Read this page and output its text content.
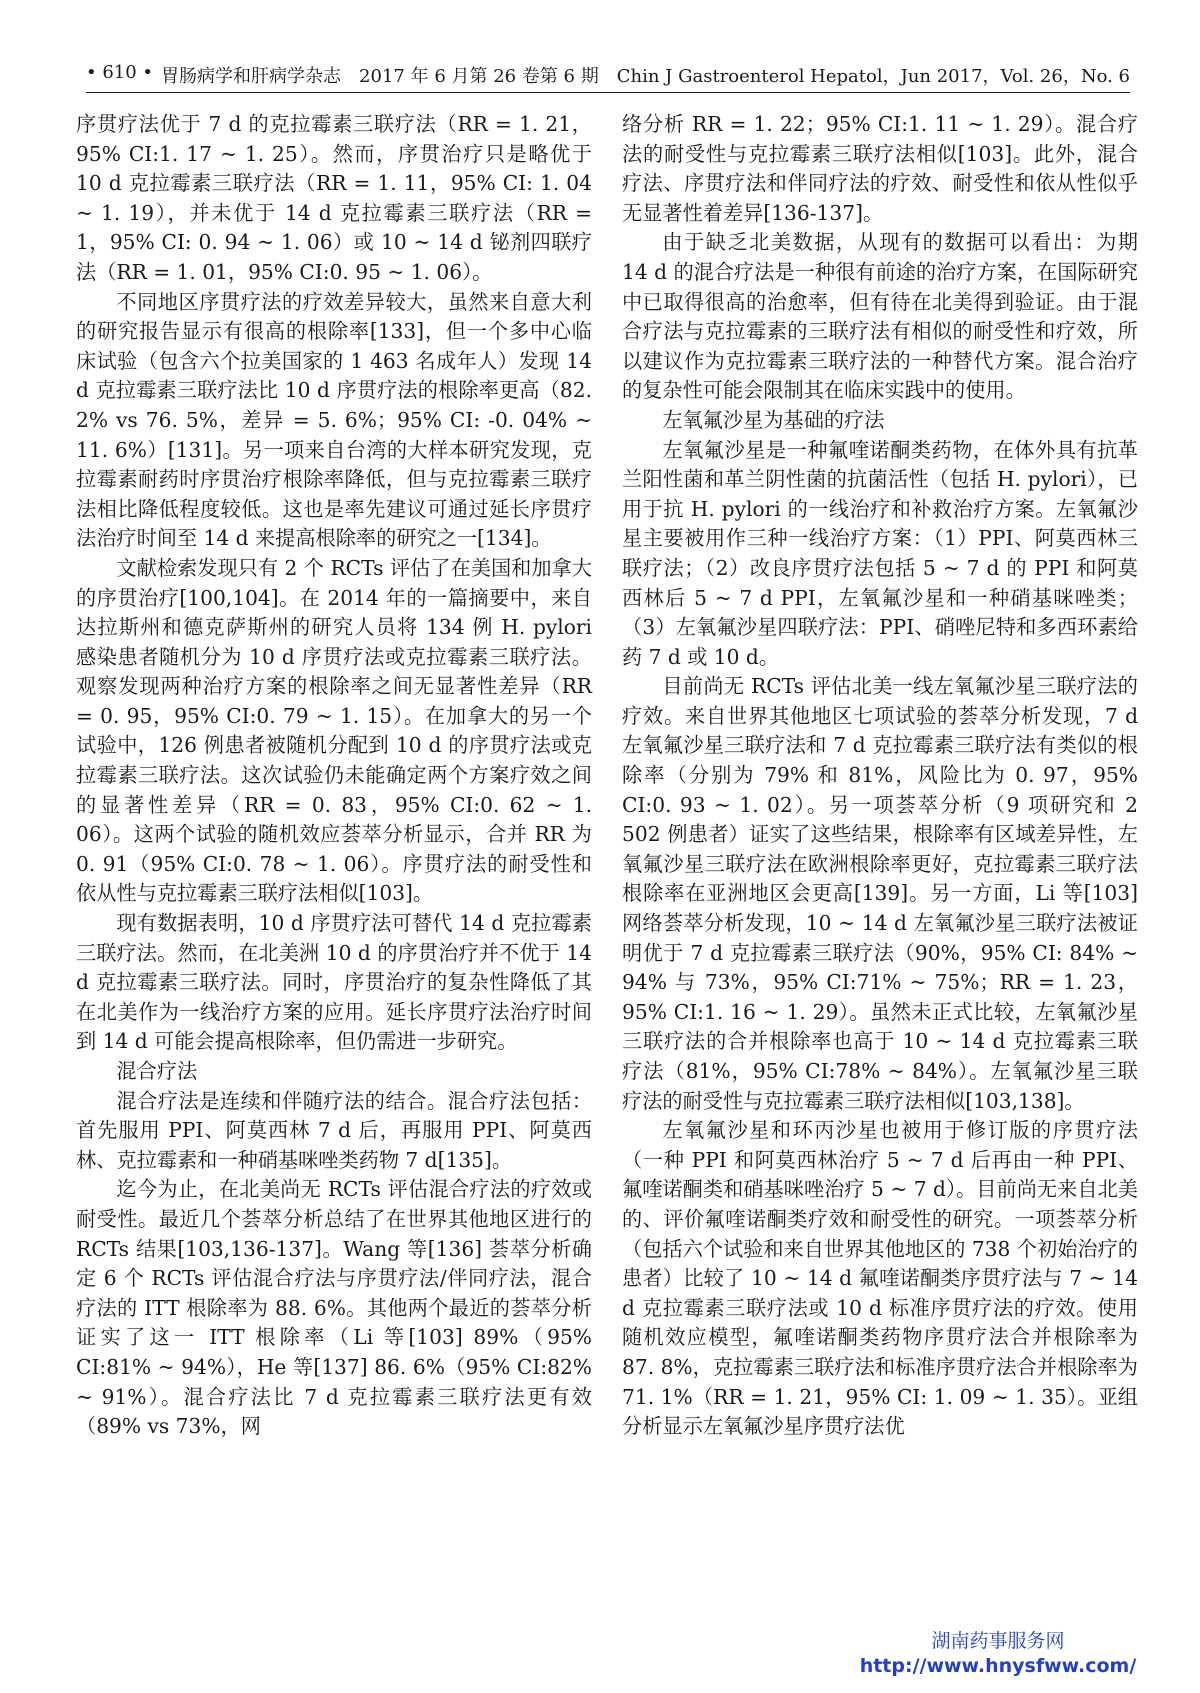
• 610 • 胃肠病学和肝病学杂志　2017 年 6 月第 26 卷第 6 期　Chin J Gastroenterol Hepatol，Jun 2017，Vol. 26，No. 6

序贯疗法优于 7 d 的克拉霉素三联疗法（RR = 1. 21，95% CI:1. 17 ~ 1. 25）。然而，序贯治疗只是略优于 10 d 克拉霉素三联疗法（RR = 1. 11，95% CI: 1. 04 ~ 1. 19），并未优于 14 d 克拉霉素三联疗法（RR = 1，95% CI: 0. 94 ~ 1. 06）或 10 ~ 14 d 铋剂四联疗法（RR = 1. 01，95% CI:0. 95 ~ 1. 06）。

不同地区序贯疗法的疗效差异较大，虽然来自意大利的研究报告显示有很高的根除率[133]，但一个多中心临床试验（包含六个拉美国家的 1 463 名成年人）发现 14 d 克拉霉素三联疗法比 10 d 序贯疗法的根除率更高（82. 2% vs 76. 5%，差异 = 5. 6%；95% CI: -0. 04% ~ 11. 6%）[131]。另一项来自台湾的大样本研究发现，克拉霉素耐药时序贯治疗根除率降低，但与克拉霉素三联疗法相比降低程度较低。这也是率先建议可通过延长序贯疗法治疗时间至 14 d 来提高根除率的研究之一[134]。

文献检索发现只有 2 个 RCTs 评估了在美国和加拿大的序贯治疗[100,104]。在 2014 年的一篇摘要中，来自达拉斯州和德克萨斯州的研究人员将 134 例 H. pylori 感染患者随机分为 10 d 序贯疗法或克拉霉素三联疗法。观察发现两种治疗方案的根除率之间无显著性差异（RR = 0. 95，95% CI:0. 79 ~ 1. 15）。在加拿大的另一个试验中，126 例患者被随机分配到 10 d 的序贯疗法或克拉霉素三联疗法。这次试验仍未能确定两个方案疗效之间的显著性差异（RR = 0. 83，95% CI:0. 62 ~ 1. 06）。这两个试验的随机效应荟萃分析显示，合并 RR 为 0. 91（95% CI:0. 78 ~ 1. 06）。序贯疗法的耐受性和依从性与克拉霉素三联疗法相似[103]。

现有数据表明，10 d 序贯疗法可替代 14 d 克拉霉素三联疗法。然而，在北美洲 10 d 的序贯治疗并不优于 14 d 克拉霉素三联疗法。同时，序贯治疗的复杂性降低了其在北美作为一线治疗方案的应用。延长序贯疗法治疗时间到 14 d 可能会提高根除率，但仍需进一步研究。

混合疗法

混合疗法是连续和伴随疗法的结合。混合疗法包括：首先服用 PPI、阿莫西林 7 d 后，再服用 PPI、阿莫西林、克拉霉素和一种硝基咪唑类药物 7 d[135]。

迄今为止，在北美尚无 RCTs 评估混合疗法的疗效或耐受性。最近几个荟萃分析总结了在世界其他地区进行的 RCTs 结果[103,136-137]。Wang 等[136] 荟萃分析确定 6 个 RCTs 评估混合疗法与序贯疗法/伴同疗法，混合疗法的 ITT 根除率为 88. 6%。其他两个最近的荟萃分析证实了这一 ITT 根除率（Li 等[103] 89%（95% CI:81% ~ 94%），He 等[137] 86. 6%（95% CI:82% ~ 91%）。混合疗法比 7 d 克拉霉素三联疗法更有效（89% vs 73%，网

络分析 RR = 1. 22；95% CI:1. 11 ~ 1. 29）。混合疗法的耐受性与克拉霉素三联疗法相似[103]。此外，混合疗法、序贯疗法和伴同疗法的疗效、耐受性和依从性似乎无显著性着差异[136-137]。

由于缺乏北美数据，从现有的数据可以看出：为期 14 d 的混合疗法是一种很有前途的治疗方案，在国际研究中已取得很高的治愈率，但有待在北美得到验证。由于混合疗法与克拉霉素的三联疗法有相似的耐受性和疗效，所以建议作为克拉霉素三联疗法的一种替代方案。混合治疗的复杂性可能会限制其在临床实践中的使用。

左氧氟沙星为基础的疗法

左氧氟沙星是一种氟喹诺酮类药物，在体外具有抗革兰阳性菌和革兰阴性菌的抗菌活性（包括 H. pylori），已用于抗 H. pylori 的一线治疗和补救治疗方案。左氧氟沙星主要被用作三种一线治疗方案：（1）PPI、阿莫西林三联疗法；（2）改良序贯疗法包括 5 ~ 7 d 的 PPI 和阿莫西林后 5 ~ 7 d PPI，左氧氟沙星和一种硝基咪唑类；（3）左氧氟沙星四联疗法：PPI、硝唑尼特和多西环素给药 7 d 或 10 d。

目前尚无 RCTs 评估北美一线左氧氟沙星三联疗法的疗效。来自世界其他地区七项试验的荟萃分析发现，7 d 左氧氟沙星三联疗法和 7 d 克拉霉素三联疗法有类似的根除率（分别为 79% 和 81%，风险比为 0. 97，95% CI:0. 93 ~ 1. 02）。另一项荟萃分析（9 项研究和 2 502 例患者）证实了这些结果，根除率有区域差异性，左氧氟沙星三联疗法在欧洲根除率更好，克拉霉素三联疗法根除率在亚洲地区会更高[139]。另一方面，Li 等[103] 网络荟萃分析发现，10 ~ 14 d 左氧氟沙星三联疗法被证明优于 7 d 克拉霉素三联疗法（90%，95% CI: 84% ~ 94% 与 73%，95% CI:71% ~ 75%；RR = 1. 23，95% CI:1. 16 ~ 1. 29）。虽然未正式比较，左氧氟沙星三联疗法的合并根除率也高于 10 ~ 14 d 克拉霉素三联疗法（81%，95% CI:78% ~ 84%）。左氧氟沙星三联疗法的耐受性与克拉霉素三联疗法相似[103,138]。

左氧氟沙星和环丙沙星也被用于修订版的序贯疗法（一种 PPI 和阿莫西林治疗 5 ~ 7 d 后再由一种 PPI、氟喹诺酮类和硝基咪唑治疗 5 ~ 7 d）。目前尚无来自北美的、评价氟喹诺酮类疗效和耐受性的研究。一项荟萃分析（包括六个试验和来自世界其他地区的 738 个初始治疗的患者）比较了 10 ~ 14 d 氟喹诺酮类序贯疗法与 7 ~ 14 d 克拉霉素三联疗法或 10 d 标准序贯疗法的疗效。使用随机效应模型，氟喹诺酮类药物序贯疗法合并根除率为 87. 8%，克拉霉素三联疗法和标准序贯疗法合并根除率为 71. 1%（RR = 1. 21，95% CI: 1. 09 ~ 1. 35）。亚组分析显示左氧氟沙星序贯疗法优

湖南药事服务网
http://www.hnysfww.com/
